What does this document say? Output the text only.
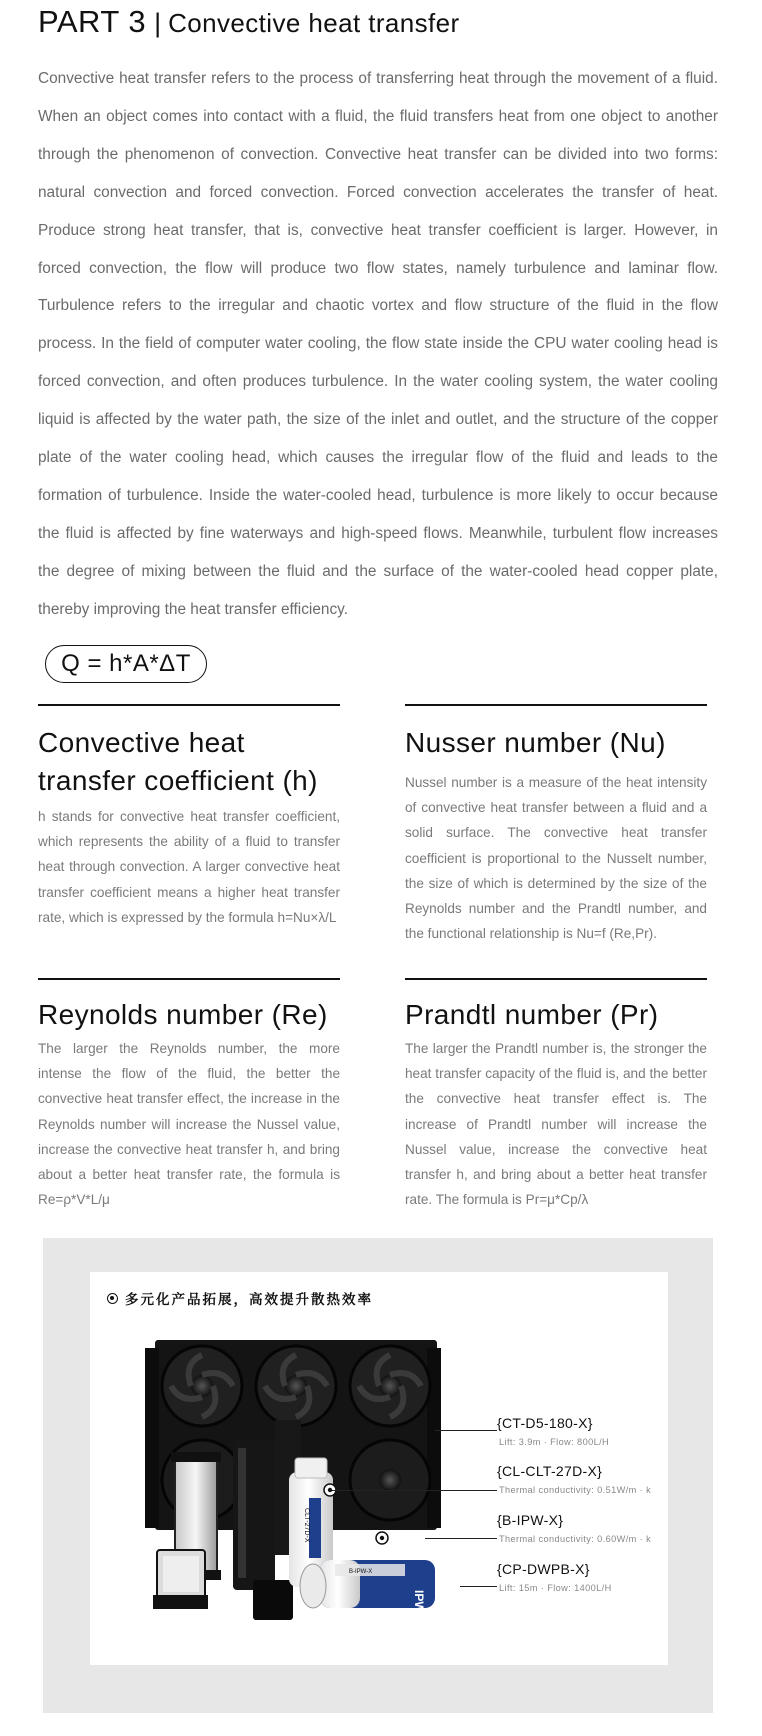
PART 3 | Convective heat transfer

Convective heat transfer refers to the process of transferring heat through the movement of a fluid. When an object comes into contact with a fluid, the fluid transfers heat from one object to another through the phenomenon of convection. Convective heat transfer can be divided into two forms: natural convection and forced convection. Forced convection accelerates the transfer of heat. Produce strong heat transfer, that is, convective heat transfer coefficient is larger. However, in forced convection, the flow will produce two flow states, namely turbulence and laminar flow. Turbulence refers to the irregular and chaotic vortex and flow structure of the fluid in the flow process. In the field of computer water cooling, the flow state inside the CPU water cooling head is forced convection, and often produces turbulence. In the water cooling system, the water cooling liquid is affected by the water path, the size of the inlet and outlet, and the structure of the copper plate of the water cooling head, which causes the irregular flow of the fluid and leads to the formation of turbulence. Inside the water-cooled head, turbulence is more likely to occur because the fluid is affected by fine waterways and high-speed flows. Meanwhile, turbulent flow increases the degree of mixing between the fluid and the surface of the water-cooled head copper plate, thereby improving the heat transfer efficiency.

Q = h*A*ΔT
Convective heat transfer coefficient (h)

h stands for convective heat transfer coefficient, which represents the ability of a fluid to transfer heat through convection. A larger convective heat transfer coefficient means a higher heat transfer rate, which is expressed by the formula h=Nu×λ/L

Nusser number (Nu)

Nussel number is a measure of the heat intensity of convective heat transfer between a fluid and a solid surface. The convective heat transfer coefficient is proportional to the Nusselt number, the size of which is determined by the size of the Reynolds number and the Prandtl number, and the functional relationship is Nu=f (Re,Pr).

Reynolds number (Re)

The larger the Reynolds number, the more intense the flow of the fluid, the better the convective heat transfer effect, the increase in the Reynolds number will increase the Nussel value, increase the convective heat transfer h, and bring about a better heat transfer rate, the formula is Re=ρ*V*L/μ

Prandtl number (Pr)

The larger the Prandtl number is, the stronger the heat transfer capacity of the fluid is, and the better the convective heat transfer effect is. The increase of Prandtl number will increase the Nussel value, increase the convective heat transfer h, and bring about a better heat transfer rate. The formula is Pr=μ*Cp/λ

多元化产品拓展，高效提升散热效率
CLT-27D-X
IPW
B-IPW-X
{CT-D5-180-X}
Lift: 3.9m · Flow: 800L/H
{CL-CLT-27D-X}
Thermal conductivity: 0.51W/m · k
{B-IPW-X}
Thermal conductivity: 0.60W/m · k
{CP-DWPB-X}
Lift: 15m · Flow: 1400L/H
